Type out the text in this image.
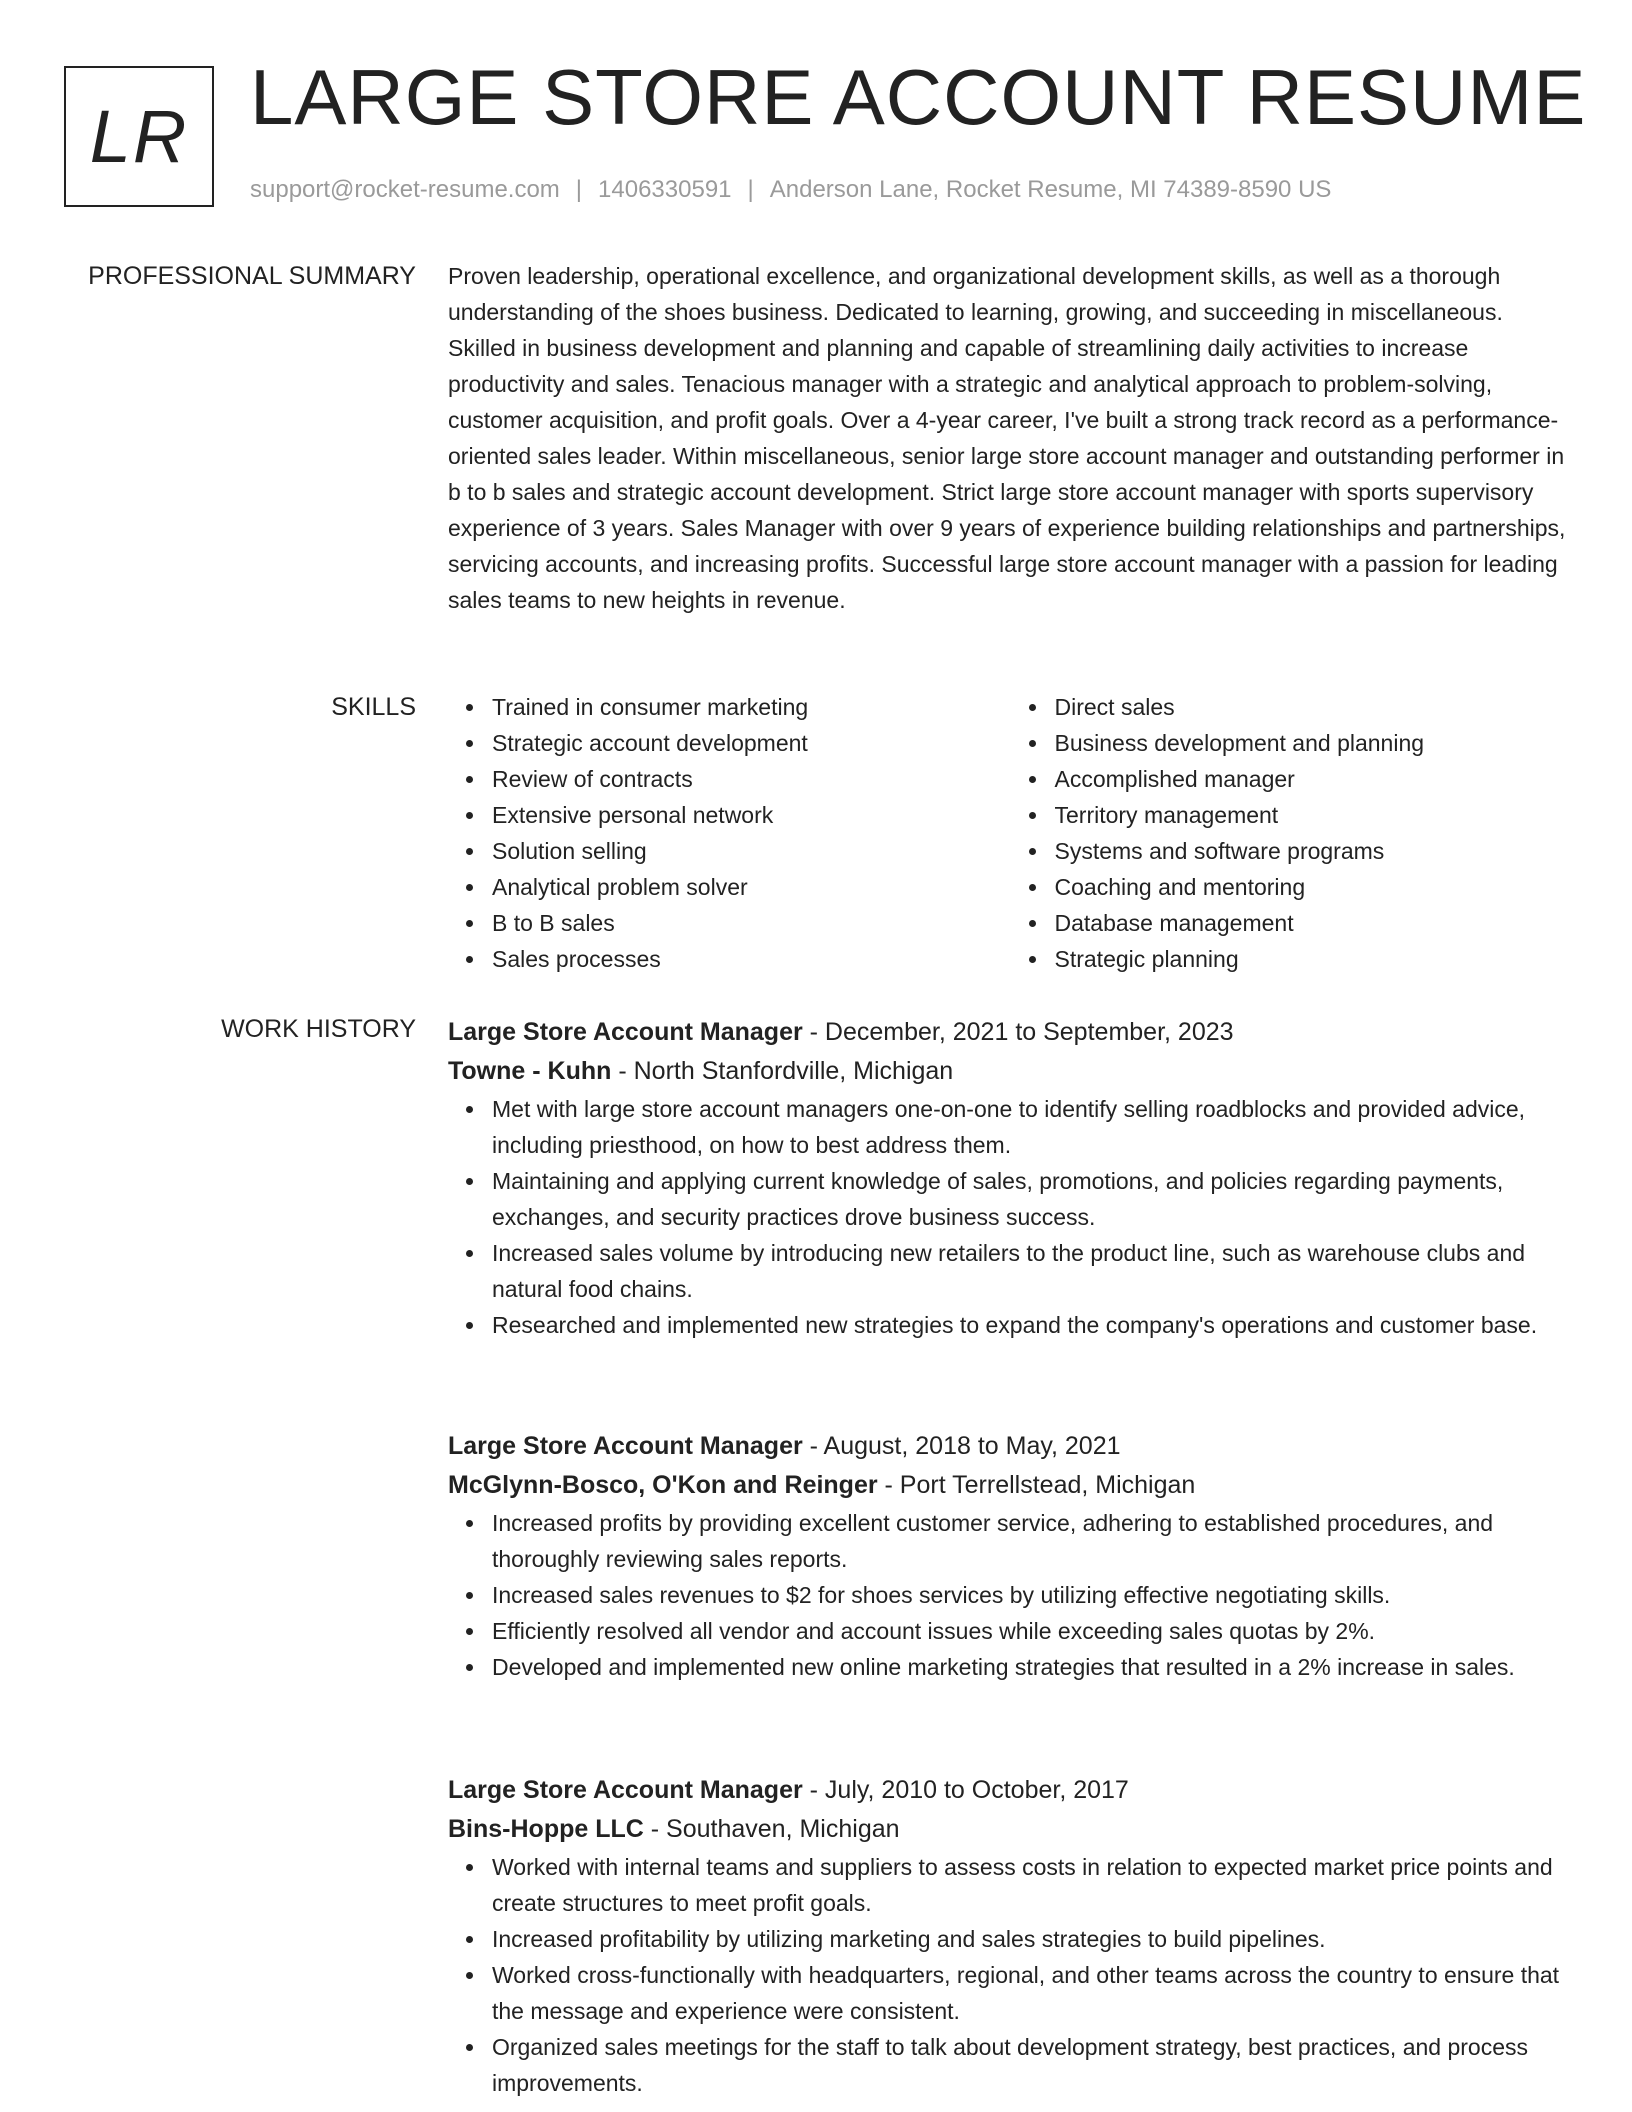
LR LARGE STORE ACCOUNT RESUME
support@rocket-resume.com | 1406330591 | Anderson Lane, Rocket Resume, MI 74389-8590 US
PROFESSIONAL SUMMARY Proven leadership, operational excellence, and organizational development skills, as well as a thorough understanding of the shoes business. Dedicated to learning, growing, and succeeding in miscellaneous. Skilled in business development and planning and capable of streamlining daily activities to increase productivity and sales. Tenacious manager with a strategic and analytical approach to problem-solving, customer acquisition, and profit goals. Over a 4-year career, I've built a strong track record as a performance-oriented sales leader. Within miscellaneous, senior large store account manager and outstanding performer in b to b sales and strategic account development. Strict large store account manager with sports supervisory experience of 3 years. Sales Manager with over 9 years of experience building relationships and partnerships, servicing accounts, and increasing profits. Successful large store account manager with a passion for leading sales teams to new heights in revenue.
SKILLS	Trained in consumer marketing
Strategic account development
Review of contracts
Extensive personal network
Solution selling
Analytical problem solver
B to B sales
Sales processes
Direct sales
Business development and planning
Accomplished manager
Territory management
Systems and software programs
Coaching and mentoring
Database management
Strategic planning
WORK HISTORY Large Store Account Manager - December, 2021 to September, 2023
Towne - Kuhn - North Stanfordville, Michigan
Met with large store account managers one-on-one to identify selling roadblocks and provided advice, including priesthood, on how to best address them.
Maintaining and applying current knowledge of sales, promotions, and policies regarding payments, exchanges, and security practices drove business success.
Increased sales volume by introducing new retailers to the product line, such as warehouse clubs and natural food chains.
Researched and implemented new strategies to expand the company's operations and customer base.
Large Store Account Manager - August, 2018 to May, 2021
McGlynn-Bosco, O'Kon and Reinger - Port Terrellstead, Michigan
Increased profits by providing excellent customer service, adhering to established procedures, and thoroughly reviewing sales reports.
Increased sales revenues to $2 for shoes services by utilizing effective negotiating skills.
Efficiently resolved all vendor and account issues while exceeding sales quotas by 2%.
Developed and implemented new online marketing strategies that resulted in a 2% increase in sales.
Large Store Account Manager - July, 2010 to October, 2017
Bins-Hoppe LLC - Southaven, Michigan
Worked with internal teams and suppliers to assess costs in relation to expected market price points and create structures to meet profit goals.
Increased profitability by utilizing marketing and sales strategies to build pipelines.
Worked cross-functionally with headquarters, regional, and other teams across the country to ensure that the message and experience were consistent.
Organized sales meetings for the staff to talk about development strategy, best practices, and process improvements.
